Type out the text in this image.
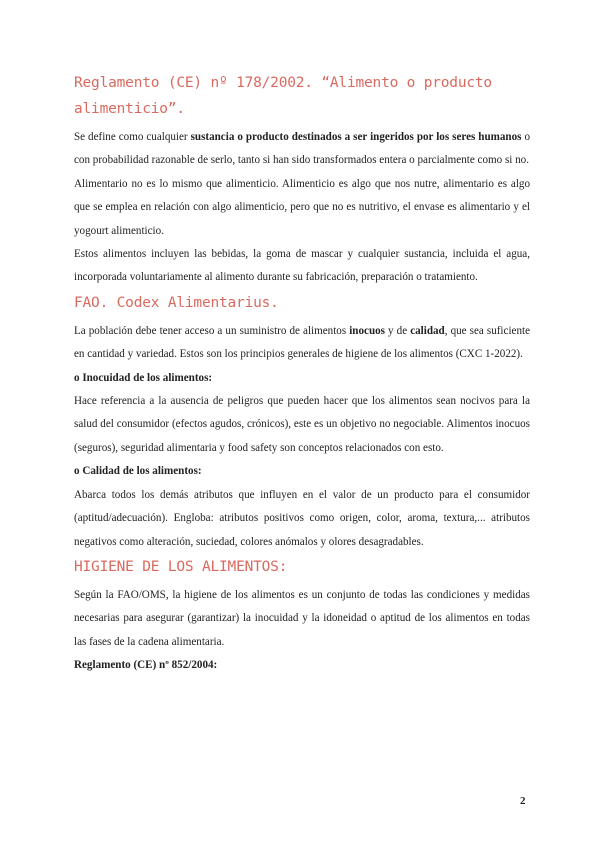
Reglamento (CE) nº 178/2002. “Alimento o producto alimenticio”.

Se define como cualquier sustancia o producto destinados a ser ingeridos por los seres humanos o con probabilidad razonable de serlo, tanto si han sido transformados entera o parcialmente como si no.

Alimentario no es lo mismo que alimenticio. Alimenticio es algo que nos nutre, alimentario es algo que se emplea en relación con algo alimenticio, pero que no es nutritivo, el envase es alimentario y el yogourt alimenticio.

Estos alimentos incluyen las bebidas, la goma de mascar y cualquier sustancia, incluida el agua, incorporada voluntariamente al alimento durante su fabricación, preparación o tratamiento.

FAO. Codex Alimentarius.

La población debe tener acceso a un suministro de alimentos inocuos y de calidad, que sea suficiente en cantidad y variedad. Estos son los principios generales de higiene de los alimentos (CXC 1-2022).

o Inocuidad de los alimentos:

Hace referencia a la ausencia de peligros que pueden hacer que los alimentos sean nocivos para la salud del consumidor (efectos agudos, crónicos), este es un objetivo no negociable. Alimentos inocuos (seguros), seguridad alimentaria y food safety son conceptos relacionados con esto.

o Calidad de los alimentos:

Abarca todos los demás atributos que influyen en el valor de un producto para el consumidor (aptitud/adecuación). Engloba: atributos positivos como origen, color, aroma, textura,... atributos negativos como alteración, suciedad, colores anómalos y olores desagradables.

HIGIENE DE LOS ALIMENTOS:

Según la FAO/OMS, la higiene de los alimentos es un conjunto de todas las condiciones y medidas necesarias para asegurar (garantizar) la inocuidad y la idoneidad o aptitud de los alimentos en todas las fases de la cadena alimentaria.

Reglamento (CE) nº 852/2004:

2
